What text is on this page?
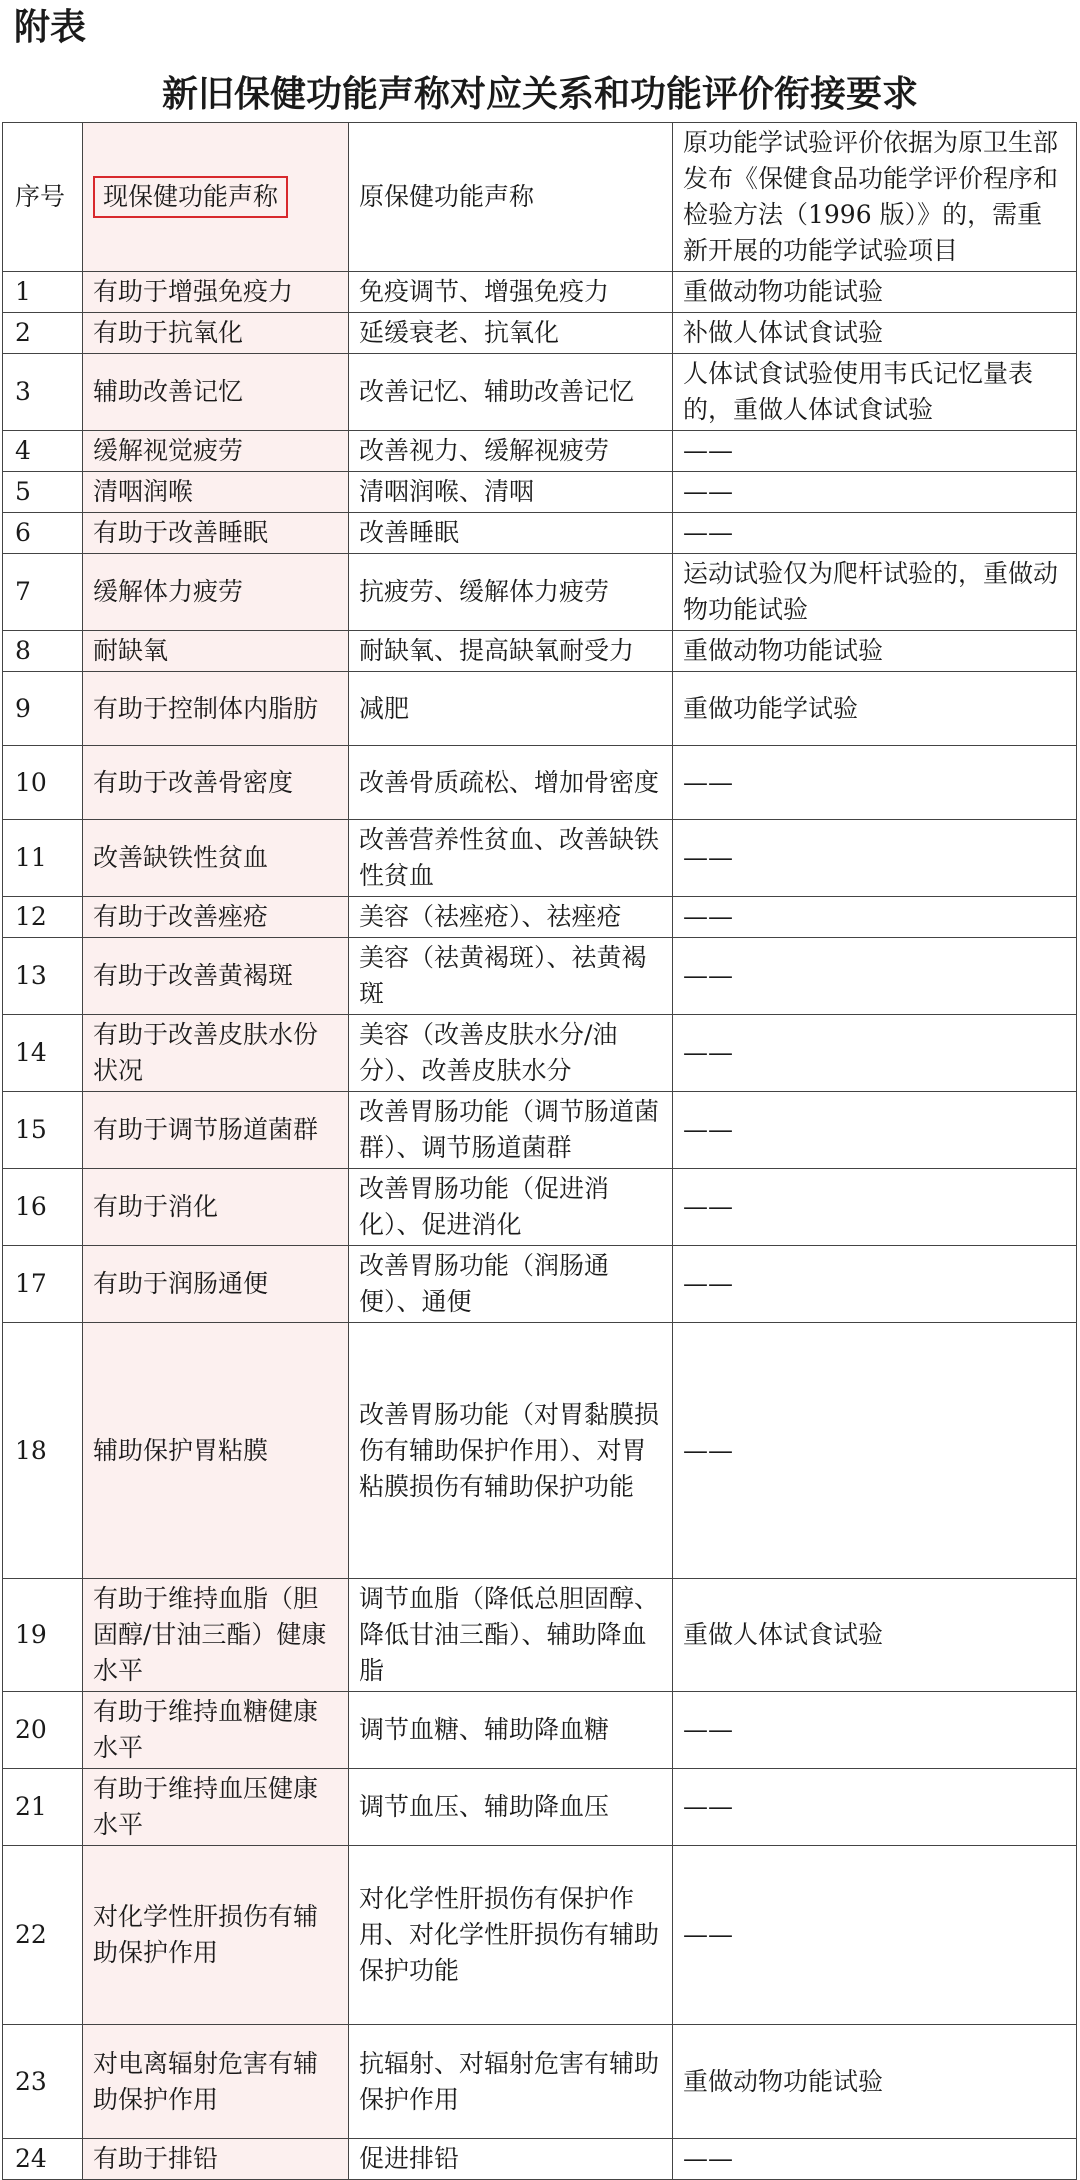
附表
新旧保健功能声称对应关系和功能评价衔接要求
序号	现保健功能声称	原保健功能声称	原功能学试验评价依据为原卫生部发布《保健食品功能学评价程序和检验方法（1996 版）》的，需重新开展的功能学试验项目
1	有助于增强免疫力	免疫调节、增强免疫力	重做动物功能试验
2	有助于抗氧化	延缓衰老、抗氧化	补做人体试食试验
3	辅助改善记忆	改善记忆、辅助改善记忆	人体试食试验使用韦氏记忆量表的，重做人体试食试验
4	缓解视觉疲劳	改善视力、缓解视疲劳	——
5	清咽润喉	清咽润喉、清咽	——
6	有助于改善睡眠	改善睡眠	——
7	缓解体力疲劳	抗疲劳、缓解体力疲劳	运动试验仅为爬杆试验的，重做动物功能试验
8	耐缺氧	耐缺氧、提高缺氧耐受力	重做动物功能试验
9	有助于控制体内脂肪	减肥	重做功能学试验
10	有助于改善骨密度	改善骨质疏松、增加骨密度	——
11	改善缺铁性贫血	改善营养性贫血、改善缺铁性贫血	——
12	有助于改善痤疮	美容（祛痤疮）、祛痤疮	——
13	有助于改善黄褐斑	美容（祛黄褐斑）、祛黄褐斑	——
14	有助于改善皮肤水份状况	美容（改善皮肤水分/油分）、改善皮肤水分	——
15	有助于调节肠道菌群	改善胃肠功能（调节肠道菌群）、调节肠道菌群	——
16	有助于消化	改善胃肠功能（促进消化）、促进消化	——
17	有助于润肠通便	改善胃肠功能（润肠通便）、通便	——
18	辅助保护胃粘膜	改善胃肠功能（对胃黏膜损伤有辅助保护作用）、对胃粘膜损伤有辅助保护功能	——
19	有助于维持血脂（胆固醇/甘油三酯）健康水平	调节血脂（降低总胆固醇、降低甘油三酯）、辅助降血脂	重做人体试食试验
20	有助于维持血糖健康水平	调节血糖、辅助降血糖	——
21	有助于维持血压健康水平	调节血压、辅助降血压	——
22	对化学性肝损伤有辅助保护作用	对化学性肝损伤有保护作用、对化学性肝损伤有辅助保护功能	——
23	对电离辐射危害有辅助保护作用	抗辐射、对辐射危害有辅助保护作用	重做动物功能试验
24	有助于排铅	促进排铅	——
